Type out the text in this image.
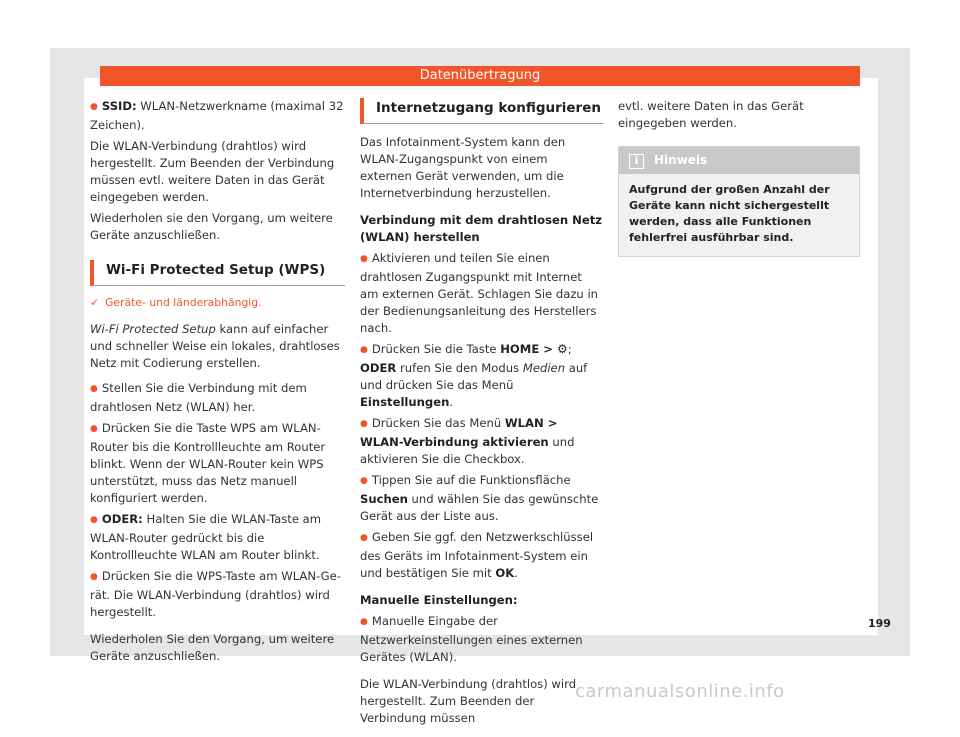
Datenübertragung

● SSID: WLAN-Netzwerkname (maximal 32 Zeichen).

Die WLAN-Verbindung (drahtlos) wird hergestellt. Zum Beenden der Verbindung müssen evtl. weitere Daten in das Gerät eingegeben werden.

Wiederholen sie den Vorgang, um weitere Geräte anzuschließen.

Wi-Fi Protected Setup (WPS)
✓ Geräte- und länderabhängig.

Wi-Fi Protected Setup kann auf einfacher und schneller Weise ein lokales, drahtloses Netz mit Codierung erstellen.

● Stellen Sie die Verbindung mit dem drahtlosen Netz (WLAN) her.

● Drücken Sie die Taste WPS am WLAN-Router bis die Kontrollleuchte am Router blinkt. Wenn der WLAN-Router kein WPS unterstützt, muss das Netz manuell konfiguriert werden.

● ODER: Halten Sie die WLAN-Taste am WLAN-Router gedrückt bis die Kontrollleuchte WLAN am Router blinkt.

● Drücken Sie die WPS-Taste am WLAN-Gerät. Die WLAN-Verbindung (drahtlos) wird hergestellt.

Wiederholen Sie den Vorgang, um weitere Geräte anzuschließen.

Internetzugang konfigurieren

Das Infotainment-System kann den WLAN-Zugangspunkt von einem externen Gerät verwenden, um die Internetverbindung herzustellen.

Verbindung mit dem drahtlosen Netz (WLAN) herstellen

● Aktivieren und teilen Sie einen drahtlosen Zugangspunkt mit Internet am externen Gerät. Schlagen Sie dazu in der Bedienungsanleitung des Herstellers nach.

● Drücken Sie die Taste HOME > ⚙; ODER rufen Sie den Modus Medien auf und drücken Sie das Menü Einstellungen.

● Drücken Sie das Menü WLAN > WLAN-Verbindung aktivieren und aktivieren Sie die Checkbox.

● Tippen Sie auf die Funktionsfläche Suchen und wählen Sie das gewünschte Gerät aus der Liste aus.

● Geben Sie ggf. den Netzwerkschlüssel des Geräts im Infotainment-System ein und bestätigen Sie mit OK.

Manuelle Einstellungen:

● Manuelle Eingabe der Netzwerkeinstellungen eines externen Gerätes (WLAN).

Die WLAN-Verbindung (drahtlos) wird hergestellt. Zum Beenden der Verbindung müssen

evtl. weitere Daten in das Gerät eingegeben werden.

i Hinweis
Aufgrund der großen Anzahl der Geräte kann nicht sichergestellt werden, dass alle Funktionen fehlerfrei ausführbar sind.
199
carmanualsonline.info
